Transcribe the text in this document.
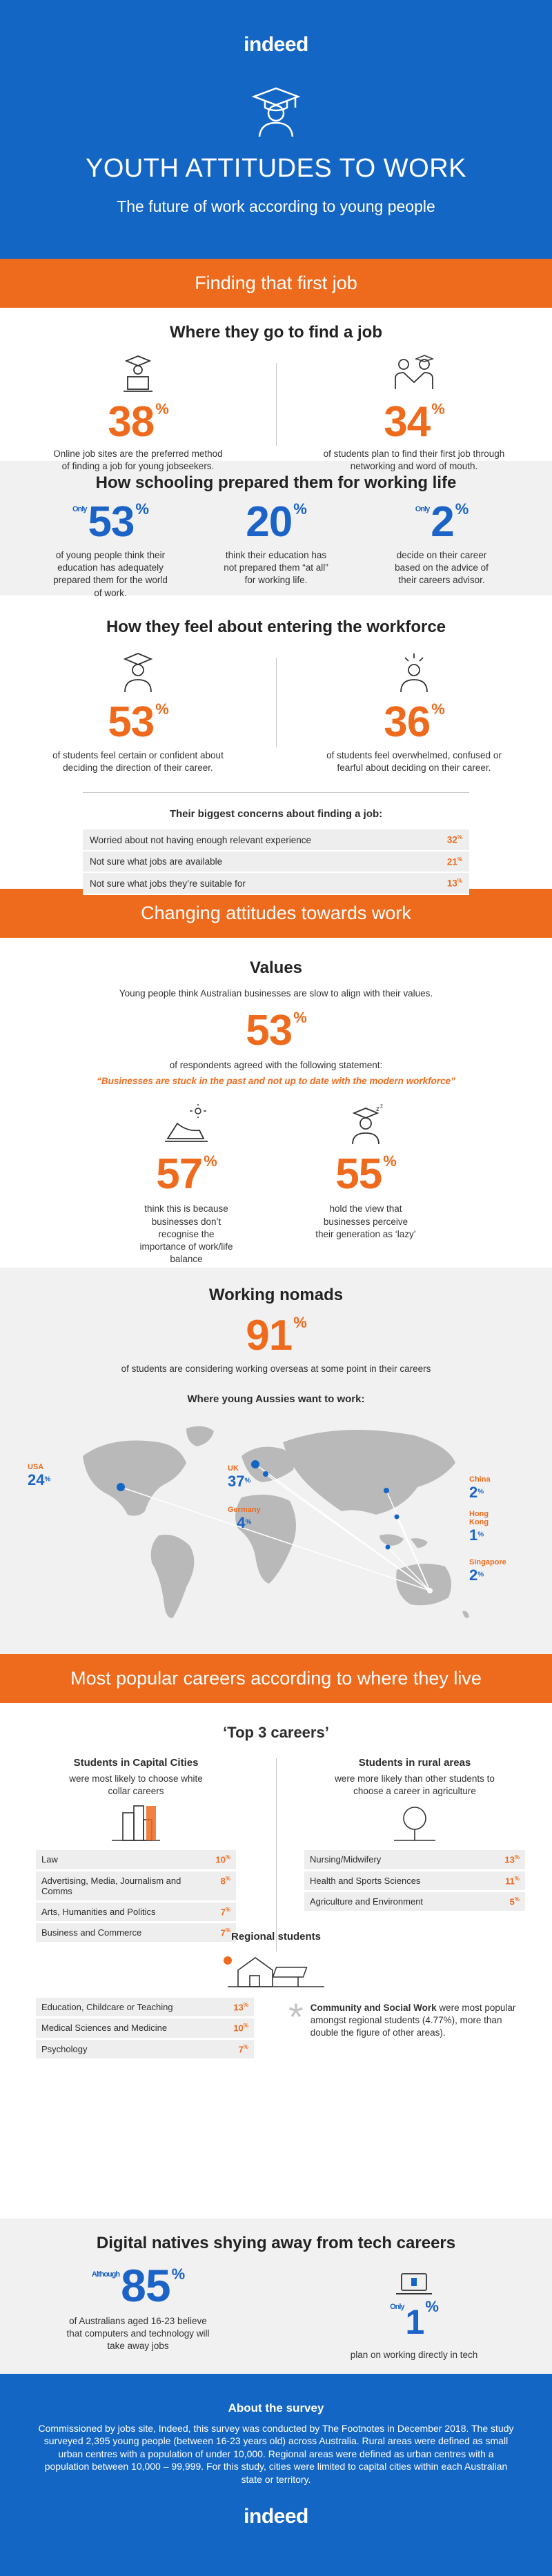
indeed
YOUTH ATTITUDES TO WORK
The future of work according to young people
Finding that first job
Where they go to find a job
38%
Online job sites are the preferred method of finding a job for young jobseekers.
34%
of students plan to find their first job through networking and word of mouth.
How schooling prepared them for working life
$^{Only}$53%
of young people think their education has adequately prepared them for the world of work.
20%
think their education has not prepared them “at all” for working life.
$^{Only}$2%
decide on their career based on the advice of their careers advisor.
How they feel about entering the workforce
53%
of students feel certain or confident about deciding the direction of their career.
36%
of students feel overwhelmed, confused or fearful about deciding on their career.
Their biggest concerns about finding a job:
Worried about not having enough relevant experience	32%
Not sure what jobs are available	21%
Not sure what jobs they’re suitable for	13%
Changing attitudes towards work
Values
Young people think Australian businesses are slow to align with their values.
53%
of respondents agreed with the following statement:
“Businesses are stuck in the past and not up to date with the modern workforce”
57%
think this is because businesses don’t recognise the importance of work/life balance
z z
55%
hold the view that businesses perceive their generation as ‘lazy’
Working nomads
91%
of students are considering working overseas at some point in their careers
Where young Aussies want to work:
USA
24%
UK
37%
Germany
4%
China
2%
Hong Kong
1%
Singapore
2%
Most popular careers according to where they live
‘Top 3 careers’
Students in Capital Cities
were most likely to choose white collar careers
Law	10%
Advertising, Media, Journalism and Comms	8%
Arts, Humanities and Politics	7%
Business and Commerce	7%
Students in rural areas
were more likely than other students to choose a career in agriculture
Nursing/Midwifery	13%
Health and Sports Sciences	11%
Agriculture and Environment	5%
Regional students
Education, Childcare or Teaching	13%
Medical Sciences and Medicine	10%
Psychology	7%
* Community and Social Work were most popular amongst regional students (4.77%), more than double the figure of other areas).
Digital natives shying away from tech careers
$^{Although}$85%
of Australians aged 16-23 believe that computers and technology will take away jobs
$^{Only}$1%
plan on working directly in tech
About the survey

Commissioned by jobs site, Indeed, this survey was conducted by The Footnotes in December 2018. The study surveyed 2,395 young people (between 16-23 years old) across Australia. Rural areas were defined as small urban centres with a population of under 10,000. Regional areas were defined as urban centres with a population between 10,000 – 99,999. For this study, cities were limited to capital cities within each Australian state or territory.

indeed
